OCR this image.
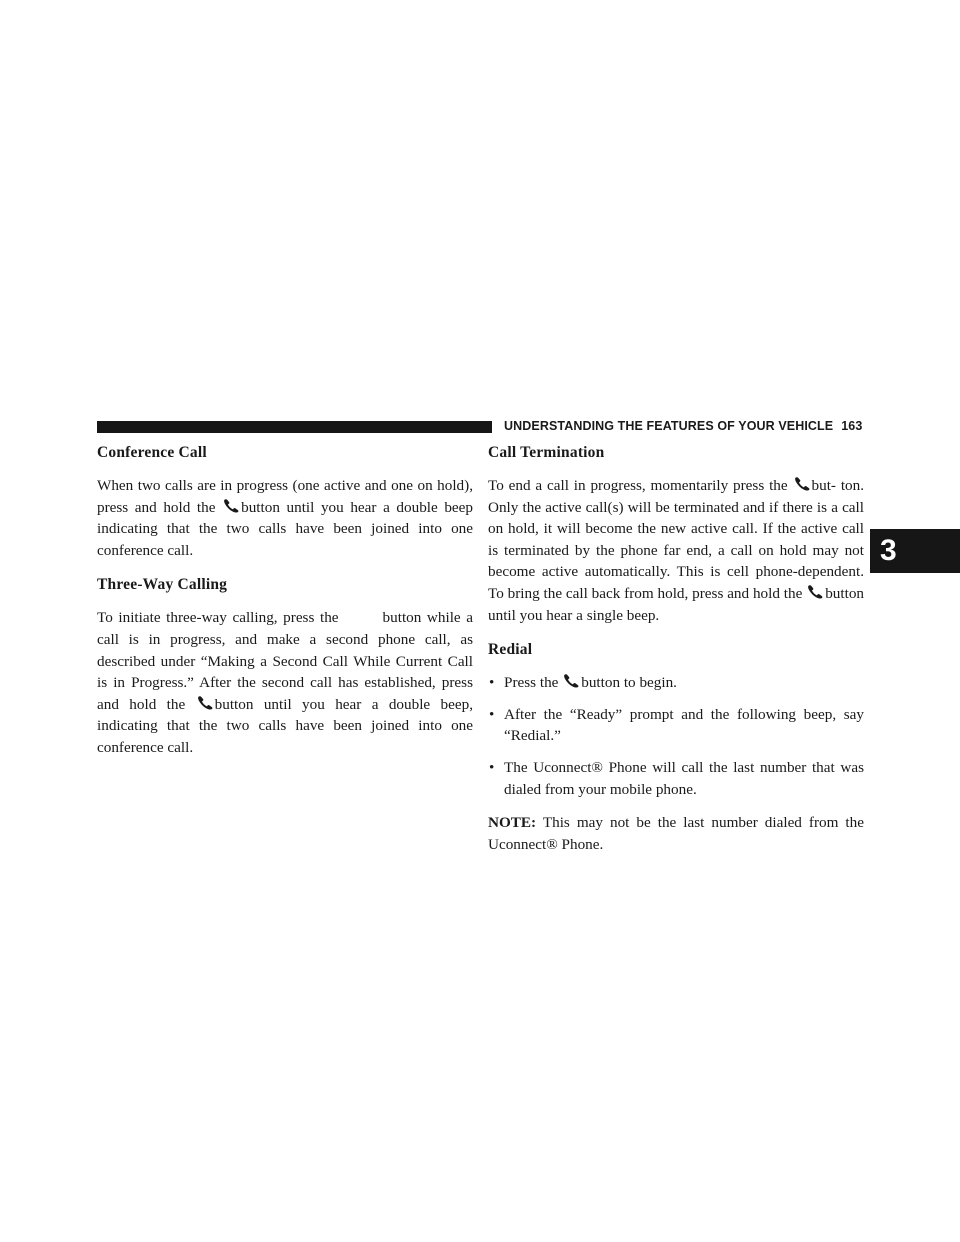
UNDERSTANDING THE FEATURES OF YOUR VEHICLE 163
3
Conference Call

When two calls are in progress (one active and one on hold), press and hold the button until you hear a double beep indicating that the two calls have been joined into one conference call.

Three-Way Calling

To initiate three-way calling, press the	button while a call is in progress, and make a second phone call, as described under “Making a Second Call While Current Call is in Progress.” After the second call has established, press and hold the button until you hear a double beep, indicating that the two calls have been joined into one conference call.

Call Termination

To end a call in progress, momentarily press the but- ton. Only the active call(s) will be terminated and if there is a call on hold, it will become the new active call. If the active call is terminated by the phone far end, a call on hold may not become active automatically. This is cell phone-dependent. To bring the call back from hold, press and hold the button until you hear a single beep.

Redial
• Press the button to begin.
• After the “Ready” prompt and the following beep, say “Redial.”
• The Uconnect® Phone will call the last number that was dialed from your mobile phone.

NOTE: This may not be the last number dialed from the Uconnect® Phone.
